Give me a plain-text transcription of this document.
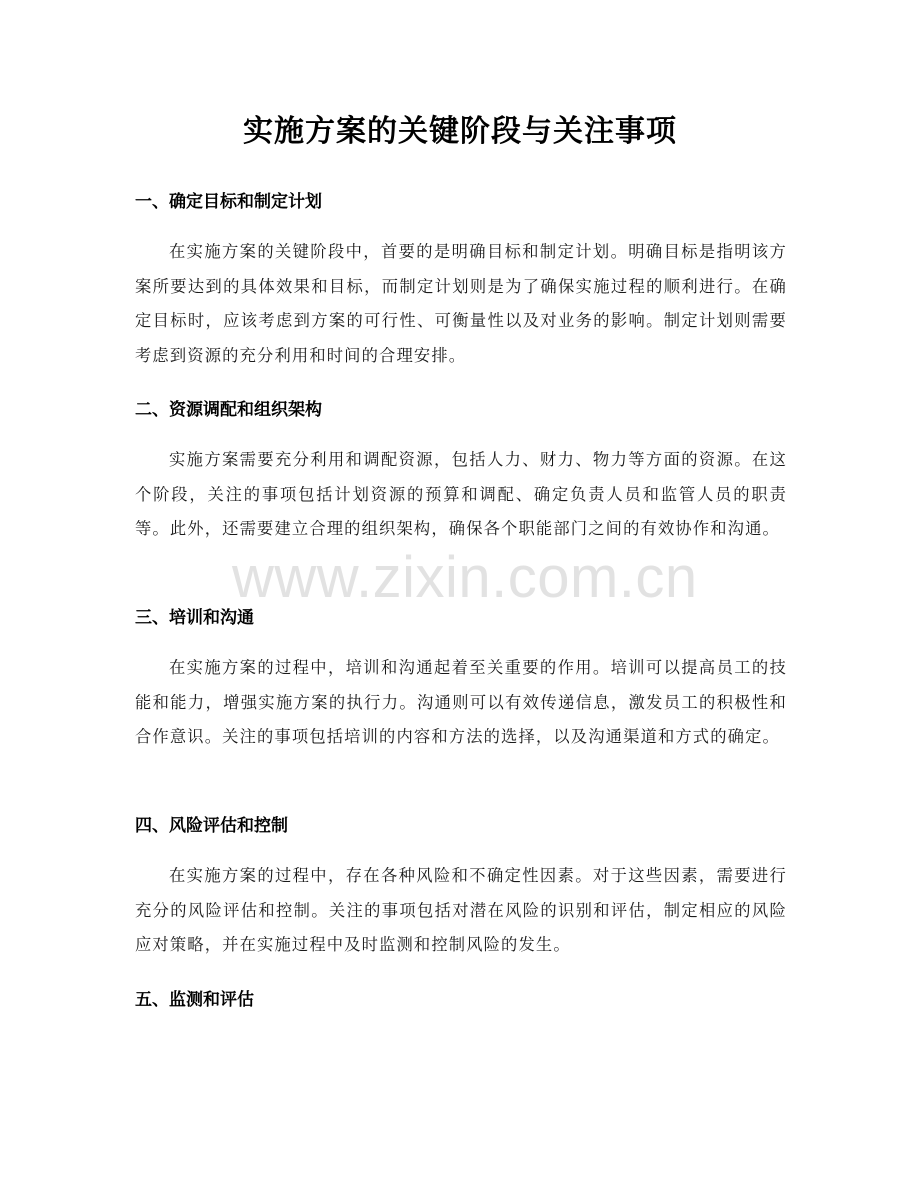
实施方案的关键阶段与关注事项
一、确定目标和制定计划

在实施方案的关键阶段中，首要的是明确目标和制定计划。明确目标是指明该方案所要达到的具体效果和目标，而制定计划则是为了确保实施过程的顺利进行。在确定目标时，应该考虑到方案的可行性、可衡量性以及对业务的影响。制定计划则需要考虑到资源的充分利用和时间的合理安排。

二、资源调配和组织架构

实施方案需要充分利用和调配资源，包括人力、财力、物力等方面的资源。在这个阶段，关注的事项包括计划资源的预算和调配、确定负责人员和监管人员的职责等。此外，还需要建立合理的组织架构，确保各个职能部门之间的有效协作和沟通。

三、培训和沟通

在实施方案的过程中，培训和沟通起着至关重要的作用。培训可以提高员工的技能和能力，增强实施方案的执行力。沟通则可以有效传递信息，激发员工的积极性和合作意识。关注的事项包括培训的内容和方法的选择，以及沟通渠道和方式的确定。

四、风险评估和控制

在实施方案的过程中，存在各种风险和不确定性因素。对于这些因素，需要进行充分的风险评估和控制。关注的事项包括对潜在风险的识别和评估，制定相应的风险应对策略，并在实施过程中及时监测和控制风险的发生。

五、监测和评估
www.zixin.com.cn
